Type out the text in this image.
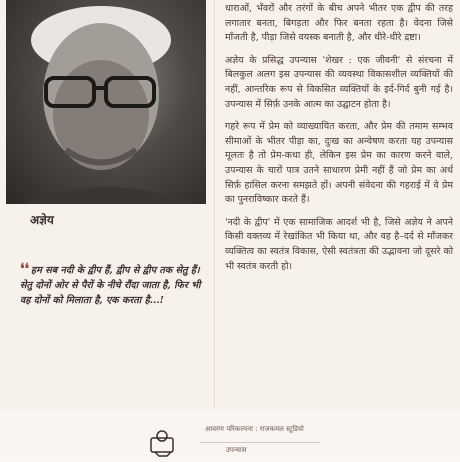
अज्ञेय
❛❛ हम सब नदी के द्वीप हैं, द्वीप से द्वीप तक सेतु हैं। सेतु दोनों ओर से पैरों के नीचे रौंदा जाता है, फिर भी वह दोनों को मिलाता है, एक करता है...!

धाराओं, भँवरों और तरंगों के बीच अपने भीतर एक द्वीप की तरह लगातार बनता, बिगड़ता और फिर बनता रहता है। वेदना जिसे माँजती है, पीड़ा जिसे वयस्क बनाती है, और धीरे-धीरे द्रष्टा।

अज्ञेय के प्रसिद्ध उपन्यास 'शेखर : एक जीवनी' से संरचना में बिलकुल अलग इस उपन्यास की व्यवस्था विकासशील व्यक्तियों की नहीं, आन्तरिक रूप से विकसित व्यक्तियों के इर्द-गिर्द बुनी गई है। उपन्यास में सिर्फ़ उनके आत्म का उद्घाटन होता है।

गहरे रूप में प्रेम को व्याख्यायित करता, और प्रेम की तमाम सम्भव सीमाओं के भीतर पीड़ा का, दुःख का अन्वेषण करता यह उपन्यास मूलतः है तो प्रेम-कथा ही, लेकिन इस प्रेम का कारण करने वाले, उपन्यास के चारों पात्र उतने साधारण प्रेमी नहीं हैं जो प्रेम का अर्थ सिर्फ़ हासिल करना समझते हों। अपनी संवेदना की गहराई में वे प्रेम का पुनराविष्कार करते हैं।

'नदी के द्वीप' में एक सामाजिक आदर्श भी है, जिसे अज्ञेय ने अपने किसी वक्तव्य में रेखांकित भी किया था, और वह है–दर्द से माँजकर व्यक्तित्व का स्वतंत्र विकास, ऐसी स्वतंत्रता की उद्भावना जो दूसरे को भी स्वतंत्र करती हो।

आवरण परिकल्पना : राजकमल स्टूडियो
उपन्यास
